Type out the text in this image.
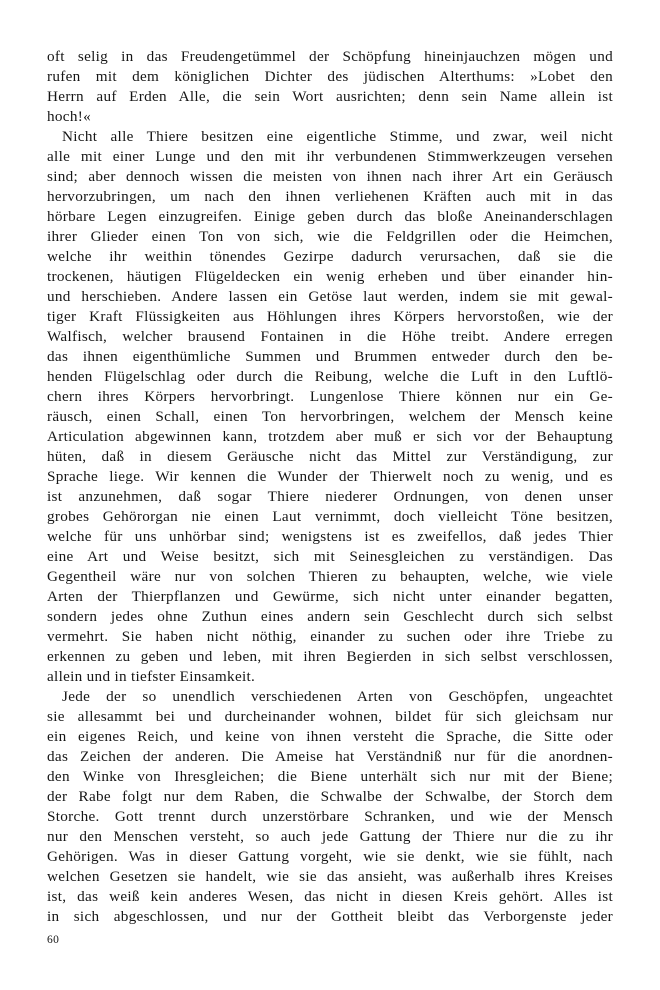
oft selig in das Freudengetümmel der Schöpfung hineinjauchzen mögen und
rufen mit dem königlichen Dichter des jüdischen Alterthums: »Lobet den
Herrn auf Erden Alle, die sein Wort ausrichten; denn sein Name allein ist
hoch!«
Nicht alle Thiere besitzen eine eigentliche Stimme, und zwar, weil nicht
alle mit einer Lunge und den mit ihr verbundenen Stimmwerkzeugen versehen
sind; aber dennoch wissen die meisten von ihnen nach ihrer Art ein Geräusch
hervorzubringen, um nach den ihnen verliehenen Kräften auch mit in das
hörbare Legen einzugreifen. Einige geben durch das bloße Aneinanderschlagen
ihrer Glieder einen Ton von sich, wie die Feldgrillen oder die Heimchen,
welche ihr weithin tönendes Gezirpe dadurch verursachen, daß sie die
trockenen, häutigen Flügeldecken ein wenig erheben und über einander hin-
und herschieben. Andere lassen ein Getöse laut werden, indem sie mit gewal-
tiger Kraft Flüssigkeiten aus Höhlungen ihres Körpers hervorstoßen, wie der
Walfisch, welcher brausend Fontainen in die Höhe treibt. Andere erregen
das ihnen eigenthümliche Summen und Brummen entweder durch den be-
henden Flügelschlag oder durch die Reibung, welche die Luft in den Luftlö-
chern ihres Körpers hervorbringt. Lungenlose Thiere können nur ein Ge-
räusch, einen Schall, einen Ton hervorbringen, welchem der Mensch keine
Articulation abgewinnen kann, trotzdem aber muß er sich vor der Behauptung
hüten, daß in diesem Geräusche nicht das Mittel zur Verständigung, zur
Sprache liege. Wir kennen die Wunder der Thierwelt noch zu wenig, und es
ist anzunehmen, daß sogar Thiere niederer Ordnungen, von denen unser
grobes Gehörorgan nie einen Laut vernimmt, doch vielleicht Töne besitzen,
welche für uns unhörbar sind; wenigstens ist es zweifellos, daß jedes Thier
eine Art und Weise besitzt, sich mit Seinesgleichen zu verständigen. Das
Gegentheil wäre nur von solchen Thieren zu behaupten, welche, wie viele
Arten der Thierpflanzen und Gewürme, sich nicht unter einander begatten,
sondern jedes ohne Zuthun eines andern sein Geschlecht durch sich selbst
vermehrt. Sie haben nicht nöthig, einander zu suchen oder ihre Triebe zu
erkennen zu geben und leben, mit ihren Begierden in sich selbst verschlossen,
allein und in tiefster Einsamkeit.
Jede der so unendlich verschiedenen Arten von Geschöpfen, ungeachtet
sie allesammt bei und durcheinander wohnen, bildet für sich gleichsam nur
ein eigenes Reich, und keine von ihnen versteht die Sprache, die Sitte oder
das Zeichen der anderen. Die Ameise hat Verständniß nur für die anordnen-
den Winke von Ihresgleichen; die Biene unterhält sich nur mit der Biene;
der Rabe folgt nur dem Raben, die Schwalbe der Schwalbe, der Storch dem
Storche. Gott trennt durch unzerstörbare Schranken, und wie der Mensch
nur den Menschen versteht, so auch jede Gattung der Thiere nur die zu ihr
Gehörigen. Was in dieser Gattung vorgeht, wie sie denkt, wie sie fühlt, nach
welchen Gesetzen sie handelt, wie sie das ansieht, was außerhalb ihres Kreises
ist, das weiß kein anderes Wesen, das nicht in diesen Kreis gehört. Alles ist
in sich abgeschlossen, und nur der Gottheit bleibt das Verborgenste jeder
60
